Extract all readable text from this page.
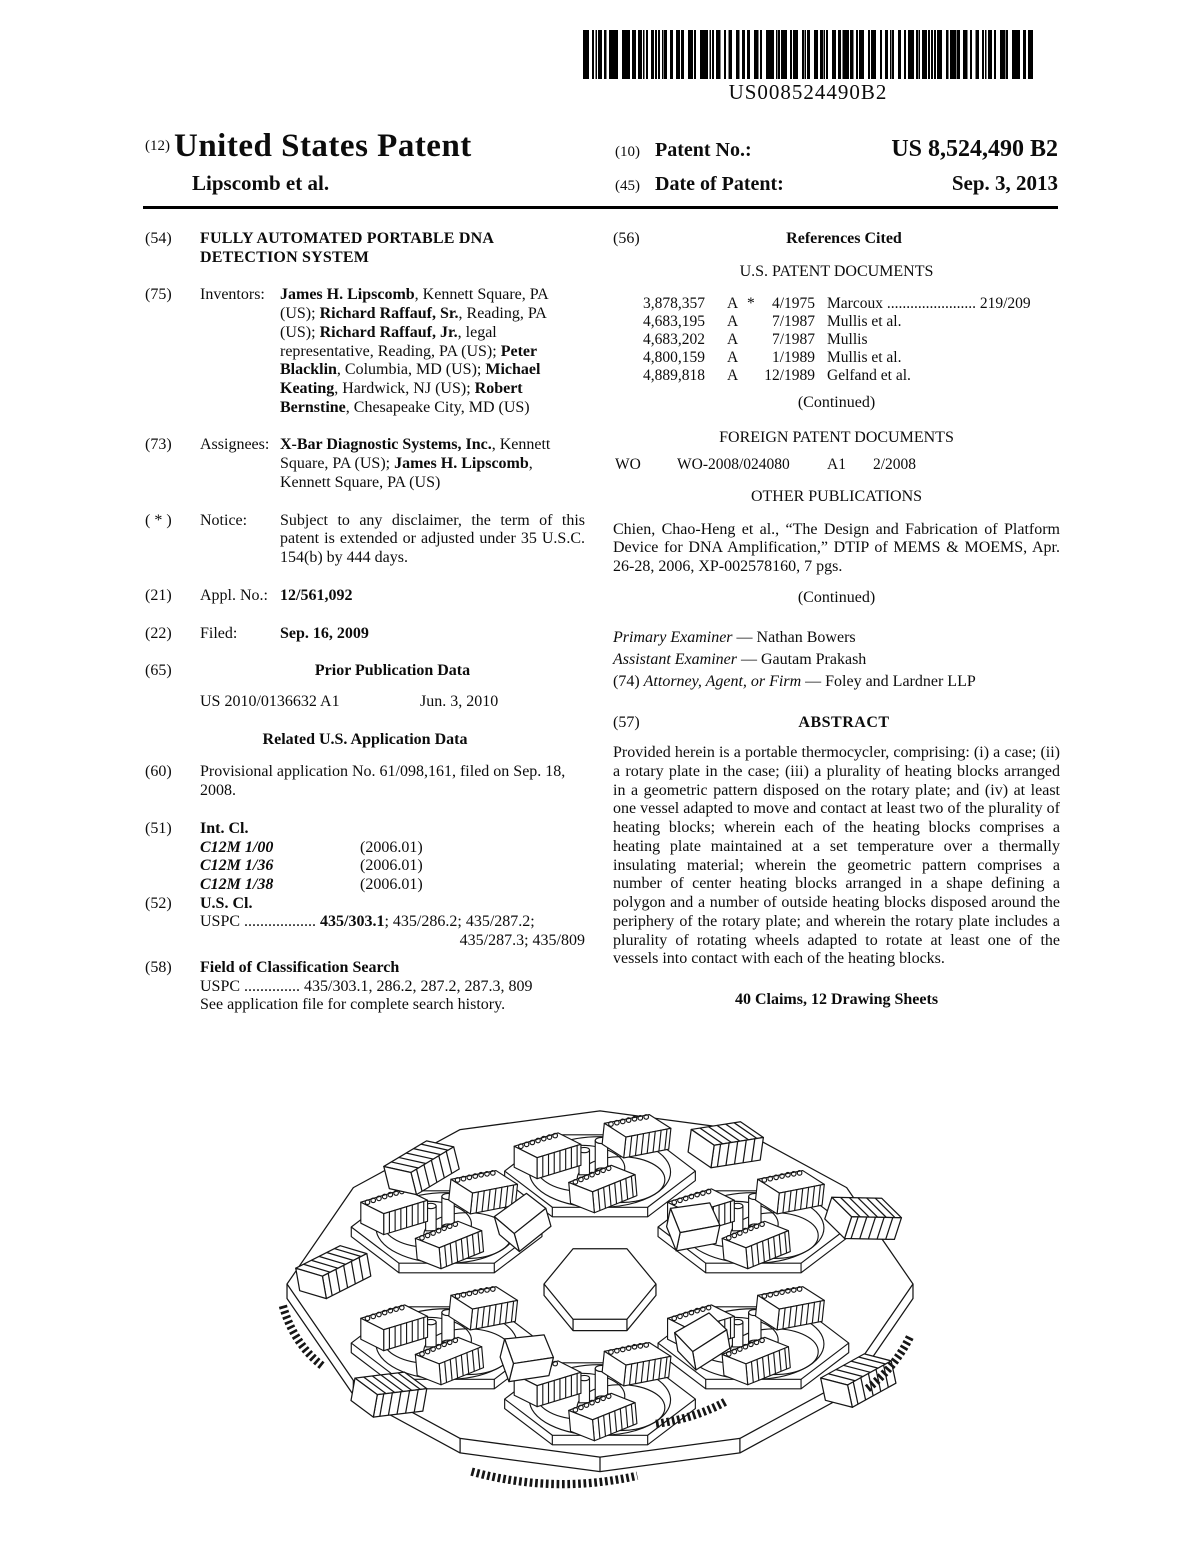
US008524490B2
(12) United States Patent
Lipscomb et al.
(10) Patent No.:	US 8,524,490 B2
(45) Date of Patent:	Sep. 3, 2013
(54)	FULLY AUTOMATED PORTABLE DNA DETECTION SYSTEM
(75)	Inventors: James H. Lipscomb, Kennett Square, PA (US); Richard Raffauf, Sr., Reading, PA (US); Richard Raffauf, Jr., legal representative, Reading, PA (US); Peter Blacklin, Columbia, MD (US); Michael Keating, Hardwick, NJ (US); Robert Bernstine, Chesapeake City, MD (US)
(73)	Assignees: X-Bar Diagnostic Systems, Inc., Kennett Square, PA (US); James H. Lipscomb, Kennett Square, PA (US)
( * )	Notice:	Subject to any disclaimer, the term of this patent is extended or adjusted under 35 U.S.C. 154(b) by 444 days.
(21)	Appl. No.: 12/561,092
(22)	Filed:	Sep. 16, 2009
(65)	Prior Publication Data
US 2010/0136632 A1	Jun. 3, 2010
Related U.S. Application Data
(60)	Provisional application No. 61/098,161, filed on Sep. 18, 2008.
(51)	Int. Cl.
C12M 1/00	(2006.01)
C12M 1/36	(2006.01)
C12M 1/38	(2006.01)
(52)	U.S. Cl.
USPC .................. 435/303.1; 435/286.2; 435/287.2;
435/287.3; 435/809
(58)	Field of Classification Search
USPC .............. 435/303.1, 286.2, 287.2, 287.3, 809
See application file for complete search history.
(56)	References Cited
U.S. PATENT DOCUMENTS
3,878,357	A *	4/1975 Marcoux ....................... 219/209
4,683,195	A	7/1987 Mullis et al.
4,683,202	A	7/1987 Mullis
4,800,159	A	1/1989 Mullis et al.
4,889,818	A	12/1989 Gelfand et al.
(Continued)
FOREIGN PATENT DOCUMENTS
WO	WO-2008/024080	A1	2/2008
OTHER PUBLICATIONS
Chien, Chao-Heng et al., “The Design and Fabrication of Platform Device for DNA Amplification,” DTIP of MEMS & MOEMS, Apr. 26-28, 2006, XP-002578160, 7 pgs.
(Continued)
Primary Examiner — Nathan Bowers
Assistant Examiner — Gautam Prakash
(74) Attorney, Agent, or Firm — Foley and Lardner LLP
(57)	ABSTRACT
Provided herein is a portable thermocycler, comprising: (i) a case; (ii) a rotary plate in the case; (iii) a plurality of heating blocks arranged in a geometric pattern disposed on the rotary plate; and (iv) at least one vessel adapted to move and contact at least two of the plurality of heating blocks; wherein each of the heating blocks comprises a heating plate maintained at a set temperature over a thermally insulating material; wherein the geometric pattern comprises a number of center heating blocks arranged in a shape defining a polygon and a number of outside heating blocks disposed around the periphery of the rotary plate; and wherein the rotary plate includes a plurality of rotating wheels adapted to rotate at least one of the vessels into contact with each of the heating blocks.
40 Claims, 12 Drawing Sheets
